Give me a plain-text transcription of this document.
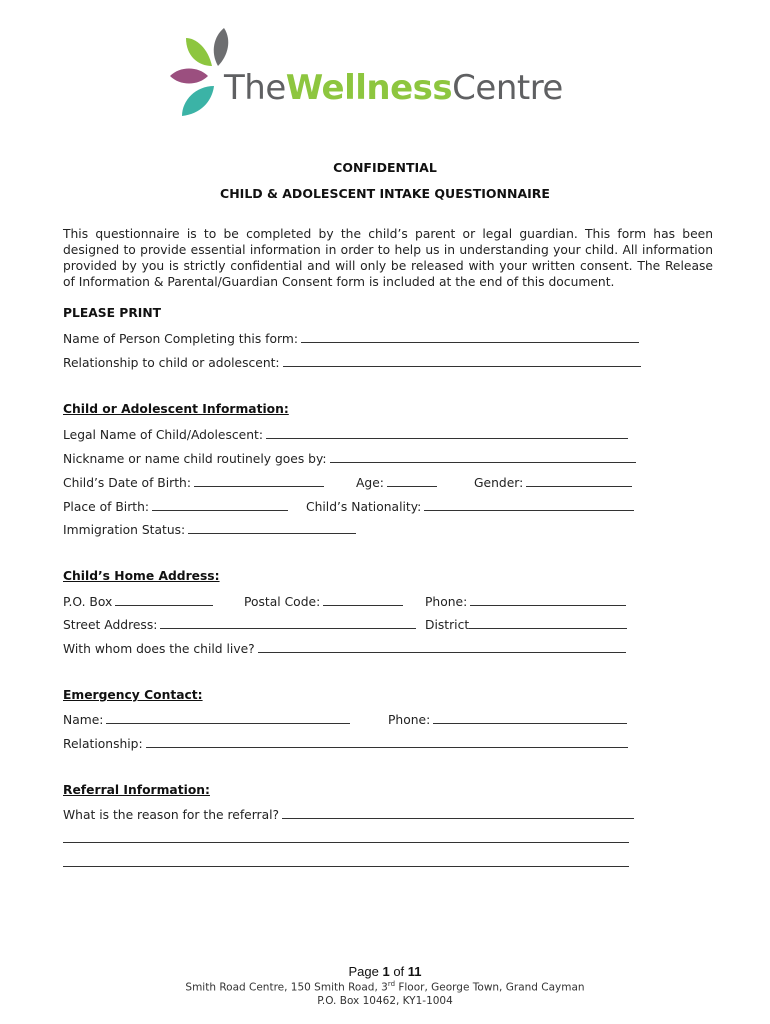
TheWellnessCentre
CONFIDENTIAL
CHILD & ADOLESCENT INTAKE QUESTIONNAIRE
This questionnaire is to be completed by the child’s parent or legal guardian. This form has been designed to provide essential information in order to help us in understanding your child. All information provided by you is strictly confidential and will only be released with your written consent. The Release of Information & Parental/Guardian Consent form is included at the end of this document.
PLEASE PRINT
Name of Person Completing this form:
Relationship to child or adolescent:
Child or Adolescent Information:
Legal Name of Child/Adolescent:
Nickname or name child routinely goes by:
Child’s Date of Birth:	Age:	Gender:
Place of Birth:	Child’s Nationality:
Immigration Status:
Child’s Home Address:
P.O. Box	Postal Code:	Phone:
Street Address:	District
With whom does the child live?
Emergency Contact:
Name:	Phone:
Relationship:
Referral Information:
What is the reason for the referral?
Page 1 of 11
Smith Road Centre, 150 Smith Road, 3rd Floor, George Town, Grand Cayman
P.O. Box 10462, KY1-1004
